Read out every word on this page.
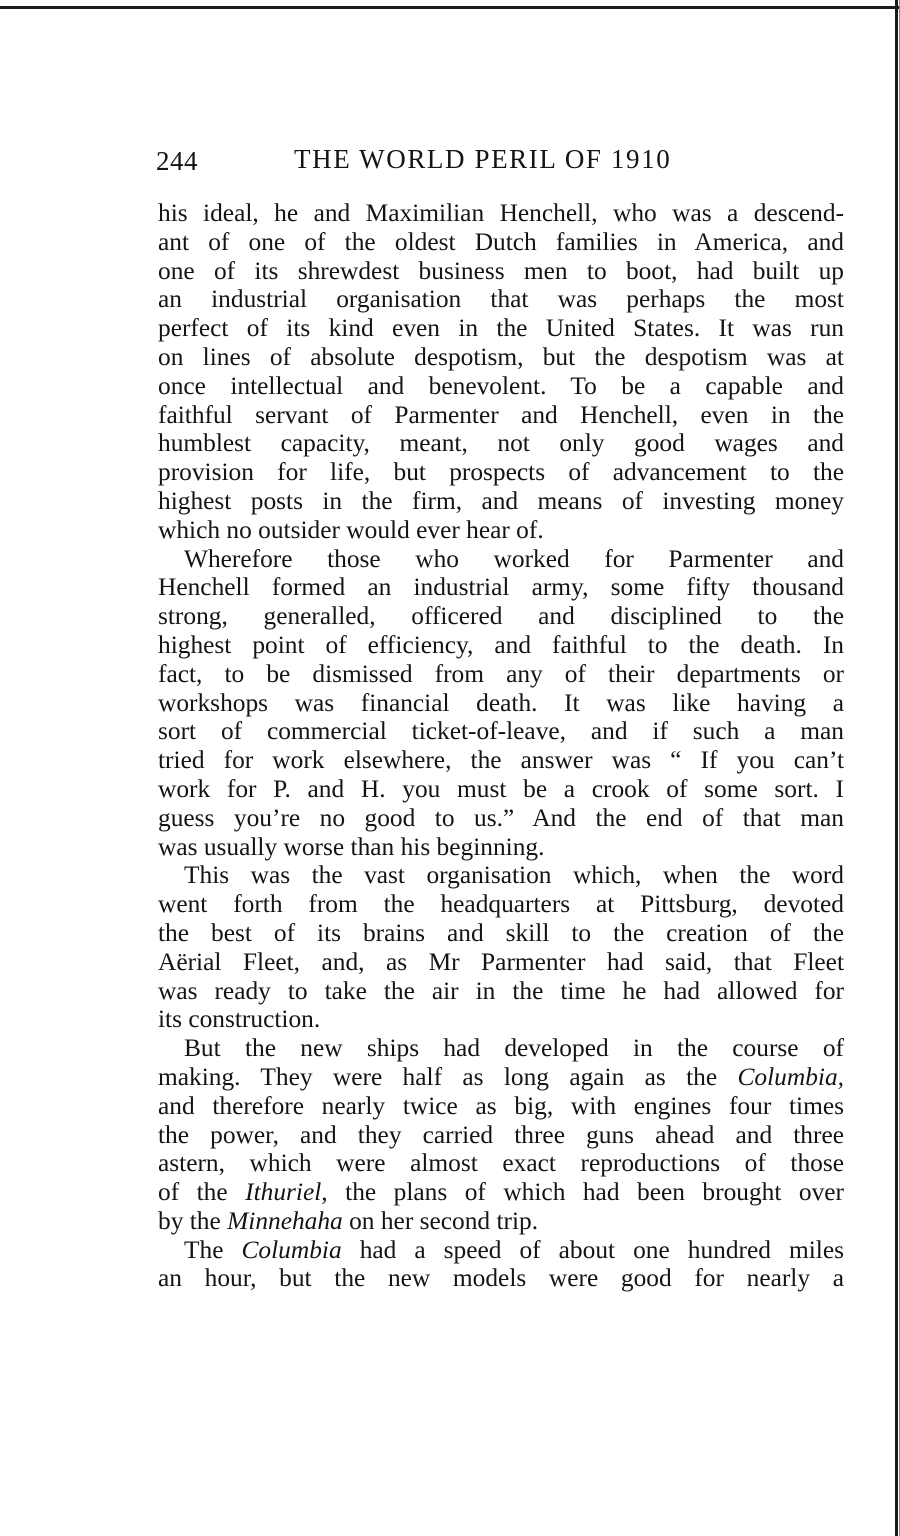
244	THE WORLD PERIL OF 1910
his ideal, he and Maximilian Henchell, who was a descend-
ant of one of the oldest Dutch families in America, and
one of its shrewdest business men to boot, had built up
an industrial organisation that was perhaps the most
perfect of its kind even in the United States. It was run
on lines of absolute despotism, but the despotism was at
once intellectual and benevolent. To be a capable and
faithful servant of Parmenter and Henchell, even in the
humblest capacity, meant, not only good wages and
provision for life, but prospects of advancement to the
highest posts in the firm, and means of investing money
which no outsider would ever hear of.
Wherefore those who worked for Parmenter and
Henchell formed an industrial army, some fifty thousand
strong, generalled, officered and disciplined to the
highest point of efficiency, and faithful to the death. In
fact, to be dismissed from any of their departments or
workshops was financial death. It was like having a
sort of commercial ticket-of-leave, and if such a man
tried for work elsewhere, the answer was “ If you can’t
work for P. and H. you must be a crook of some sort. I
guess you’re no good to us.” And the end of that man
was usually worse than his beginning.
This was the vast organisation which, when the word
went forth from the headquarters at Pittsburg, devoted
the best of its brains and skill to the creation of the
Aërial Fleet, and, as Mr Parmenter had said, that Fleet
was ready to take the air in the time he had allowed for
its construction.
But the new ships had developed in the course of
making. They were half as long again as the Columbia,
and therefore nearly twice as big, with engines four times
the power, and they carried three guns ahead and three
astern, which were almost exact reproductions of those
of the Ithuriel, the plans of which had been brought over
by the Minnehaha on her second trip.
The Columbia had a speed of about one hundred miles
an hour, but the new models were good for nearly a
